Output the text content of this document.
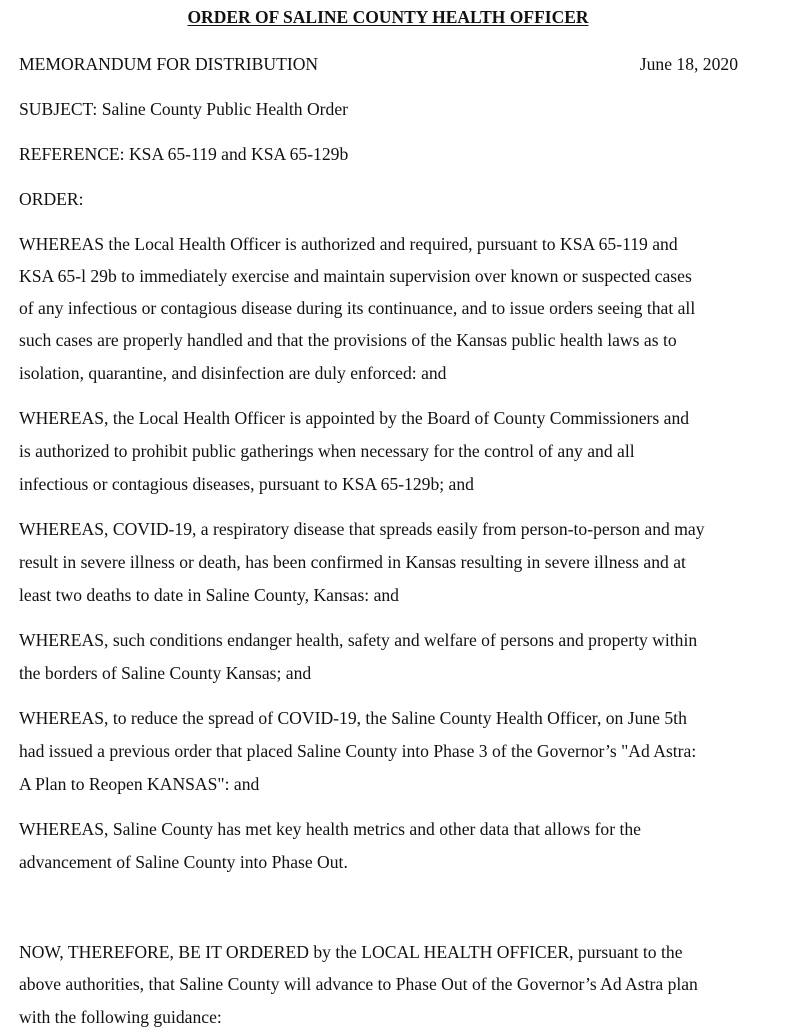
ORDER OF SALINE COUNTY HEALTH OFFICER
MEMORANDUM FOR DISTRIBUTION	June 18, 2020
SUBJECT: Saline County Public Health Order
REFERENCE: KSA 65-119 and KSA 65-129b
ORDER:
WHEREAS the Local Health Officer is authorized and required, pursuant to KSA 65-119 and
KSA 65-l 29b to immediately exercise and maintain supervision over known or suspected cases
of any infectious or contagious disease during its continuance, and to issue orders seeing that all
such cases are properly handled and that the provisions of the Kansas public health laws as to
isolation, quarantine, and disinfection are duly enforced: and
WHEREAS, the Local Health Officer is appointed by the Board of County Commissioners and
is authorized to prohibit public gatherings when necessary for the control of any and all
infectious or contagious diseases, pursuant to KSA 65-129b; and
WHEREAS, COVID-19, a respiratory disease that spreads easily from person-to-person and may
result in severe illness or death, has been confirmed in Kansas resulting in severe illness and at
least two deaths to date in Saline County, Kansas: and
WHEREAS, such conditions endanger health, safety and welfare of persons and property within
the borders of Saline County Kansas; and
WHEREAS, to reduce the spread of COVID-19, the Saline County Health Officer, on June 5th
had issued a previous order that placed Saline County into Phase 3 of the Governor’s "Ad Astra:
A Plan to Reopen KANSAS": and
WHEREAS, Saline County has met key health metrics and other data that allows for the
advancement of Saline County into Phase Out.
NOW, THEREFORE, BE IT ORDERED by the LOCAL HEALTH OFFICER, pursuant to the
above authorities, that Saline County will advance to Phase Out of the Governor’s Ad Astra plan
with the following guidance:
